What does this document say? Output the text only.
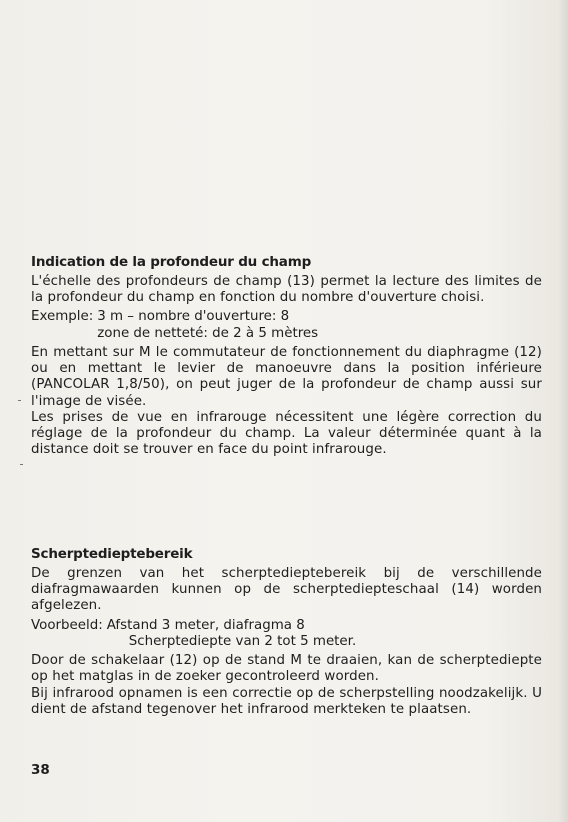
Indication de la profondeur du champ

L'échelle des profondeurs de champ (13) permet la lecture des limites de la profondeur du champ en fonction du nombre d'ouverture choisi.

Exemple: 3 m – nombre d'ouverture: 8
zone de netteté: de 2 à 5 mètres

En mettant sur M le commutateur de fonctionnement du diaphragme (12) ou en mettant le levier de manoeuvre dans la position inférieure (PANCOLAR 1,8/50), on peut juger de la profondeur de champ aussi sur l'image de visée.

Les prises de vue en infrarouge nécessitent une légère correction du réglage de la profondeur du champ. La valeur déterminée quant à la distance doit se trouver en face du point infrarouge.

Scherptedieptebereik

De grenzen van het scherptedieptebereik bij de verschillende diafragmawaarden kunnen op de scherptediepteschaal (14) worden afgelezen.

Voorbeeld: Afstand 3 meter, diafragma 8
Scherptediepte van 2 tot 5 meter.

Door de schakelaar (12) op de stand M te draaien, kan de scherptediepte op het matglas in de zoeker gecontroleerd worden.

Bij infrarood opnamen is een correctie op de scherpstelling noodzakelijk. U dient de afstand tegenover het infrarood merkteken te plaatsen.

38
